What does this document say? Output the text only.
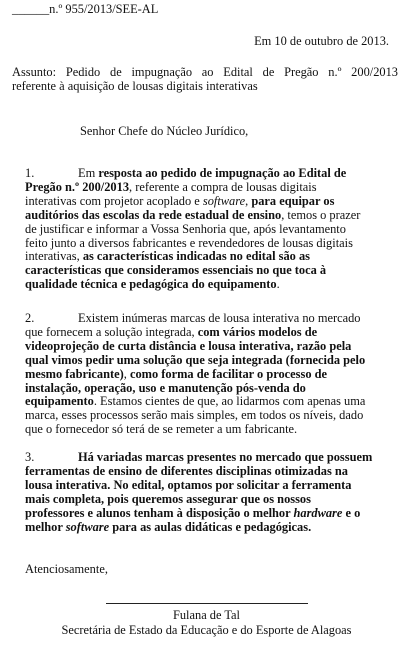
______n.º 955/2013/SEE-AL
Em 10 de outubro de 2013.
Assunto: Pedido de impugnação ao Edital de Pregão n.º 200/2013
referente à aquisição de lousas digitais interativas
Senhor Chefe do Núcleo Jurídico,
1.	Em resposta ao pedido de impugnação ao Edital de
Pregão n.º 200/2013, referente a compra de lousas digitais
interativas com projetor acoplado e software, para equipar os
auditórios das escolas da rede estadual de ensino, temos o prazer
de justificar e informar a Vossa Senhoria que, após levantamento
feito junto a diversos fabricantes e revendedores de lousas digitais
interativas, as características indicadas no edital são as
características que consideramos essenciais no que toca à
qualidade técnica e pedagógica do equipamento.
2.	Existem inúmeras marcas de lousa interativa no mercado
que fornecem a solução integrada, com vários modelos de
videoprojeção de curta distância e lousa interativa, razão pela
qual vimos pedir uma solução que seja integrada (fornecida pelo
mesmo fabricante), como forma de facilitar o processo de
instalação, operação, uso e manutenção pós-venda do
equipamento. Estamos cientes de que, ao lidarmos com apenas uma
marca, esses processos serão mais simples, em todos os níveis, dado
que o fornecedor só terá de se remeter a um fabricante.
3.	Há variadas marcas presentes no mercado que possuem
ferramentas de ensino de diferentes disciplinas otimizadas na
lousa interativa. No edital, optamos por solicitar a ferramenta
mais completa, pois queremos assegurar que os nossos
professores e alunos tenham à disposição o melhor hardware e o
melhor software para as aulas didáticas e pedagógicas.
Atenciosamente,
Fulana de Tal
Secretária de Estado da Educação e do Esporte de Alagoas
